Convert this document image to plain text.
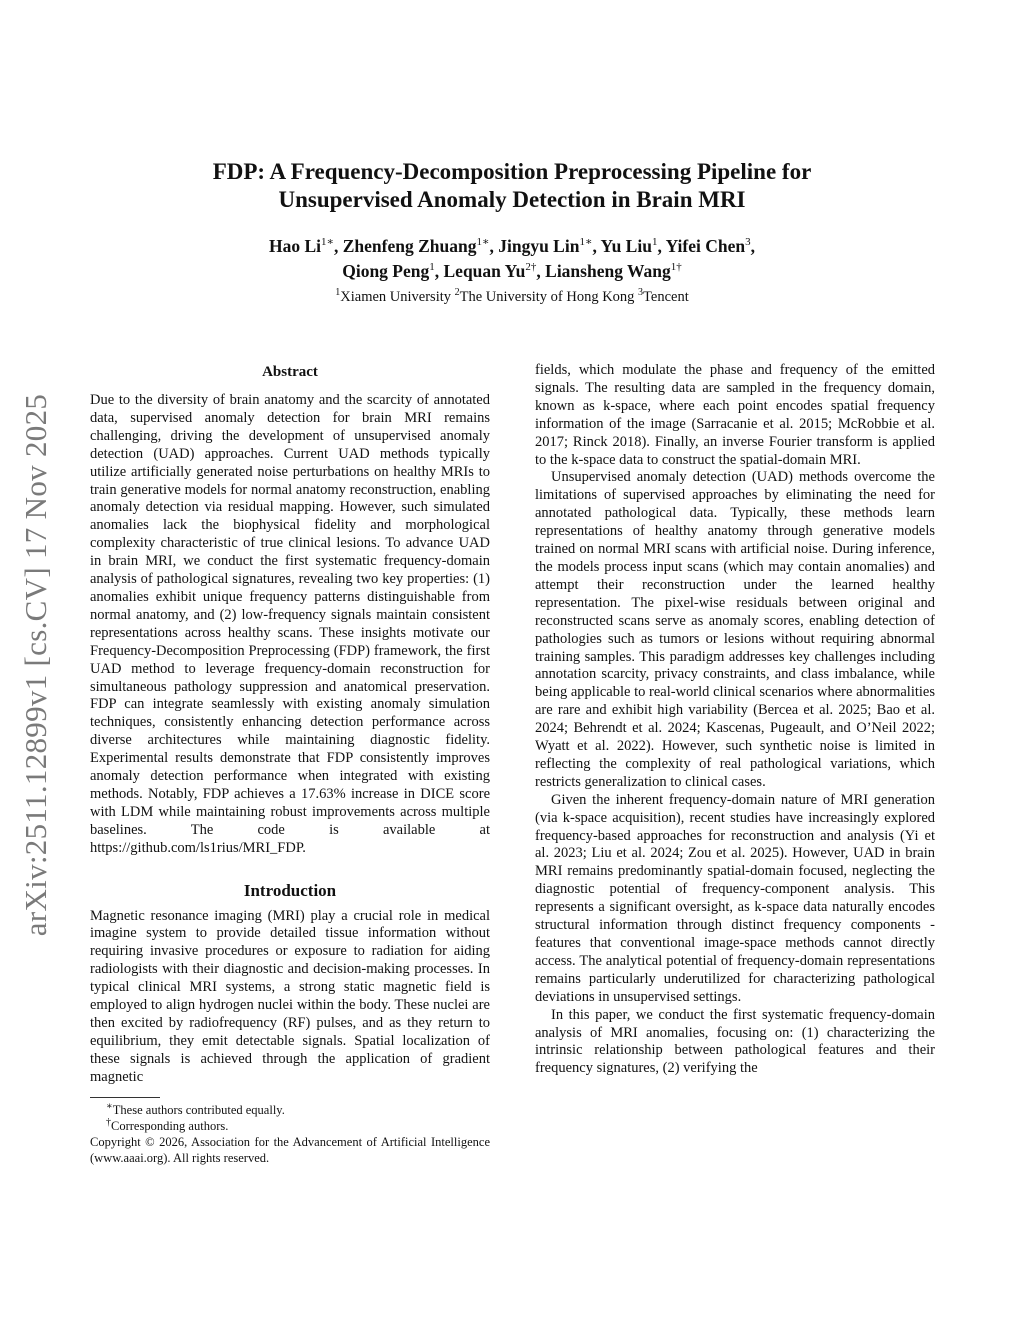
arXiv:2511.12899v1 [cs.CV] 17 Nov 2025
FDP: A Frequency-Decomposition Preprocessing Pipeline for
Unsupervised Anomaly Detection in Brain MRI
Hao $Li^{1∗}$, Zhenfeng Zhuang$^{1∗}$, Jingyu Lin$^{1∗}$, Yu Liu$^1$, Yifei Chen$^3$,
Qiong Peng$^1$, Lequan $Yu^{2\dagger}$, Liansheng Wang$^{1\dagger}$
$^1$Xiamen University $^2$The University of Hong Kong $^3$Tencent
Abstract

Due to the diversity of brain anatomy and the scarcity of annotated data, supervised anomaly detection for brain MRI remains challenging, driving the development of unsupervised anomaly detection (UAD) approaches. Current UAD methods typically utilize artificially generated noise perturbations on healthy MRIs to train generative models for normal anatomy reconstruction, enabling anomaly detection via residual mapping. However, such simulated anomalies lack the biophysical fidelity and morphological complexity characteristic of true clinical lesions. To advance UAD in brain MRI, we conduct the first systematic frequency-domain analysis of pathological signatures, revealing two key properties: (1) anomalies exhibit unique frequency patterns distinguishable from normal anatomy, and (2) low-frequency signals maintain consistent representations across healthy scans. These insights motivate our Frequency-Decomposition Preprocessing (FDP) framework, the first UAD method to leverage frequency-domain reconstruction for simultaneous pathology suppression and anatomical preservation. FDP can integrate seamlessly with existing anomaly simulation techniques, consistently enhancing detection performance across diverse architectures while maintaining diagnostic fidelity. Experimental results demonstrate that FDP consistently improves anomaly detection performance when integrated with existing methods. Notably, FDP achieves a 17.63% increase in DICE score with LDM while maintaining robust improvements across multiple baselines. The code is available at https://github.com/ls1rius/MRI_FDP.

Introduction

Magnetic resonance imaging (MRI) play a crucial role in medical imagine system to provide detailed tissue information without requiring invasive procedures or exposure to radiation for aiding radiologists with their diagnostic and decision-making processes. In typical clinical MRI systems, a strong static magnetic field is employed to align hydrogen nuclei within the body. These nuclei are then excited by radiofrequency (RF) pulses, and as they return to equilibrium, they emit detectable signals. Spatial localization of these signals is achieved through the application of gradient magnetic

∗These authors contributed equally.

†Corresponding authors.

Copyright © 2026, Association for the Advancement of Artificial Intelligence (www.aaai.org). All rights reserved.

fields, which modulate the phase and frequency of the emitted signals. The resulting data are sampled in the frequency domain, known as k-space, where each point encodes spatial frequency information of the image (Sarracanie et al. 2015; McRobbie et al. 2017; Rinck 2018). Finally, an inverse Fourier transform is applied to the k-space data to construct the spatial-domain MRI.

Unsupervised anomaly detection (UAD) methods overcome the limitations of supervised approaches by eliminating the need for annotated pathological data. Typically, these methods learn representations of healthy anatomy through generative models trained on normal MRI scans with artificial noise. During inference, the models process input scans (which may contain anomalies) and attempt their reconstruction under the learned healthy representation. The pixel-wise residuals between original and reconstructed scans serve as anomaly scores, enabling detection of pathologies such as tumors or lesions without requiring abnormal training samples. This paradigm addresses key challenges including annotation scarcity, privacy constraints, and class imbalance, while being applicable to real-world clinical scenarios where abnormalities are rare and exhibit high variability (Bercea et al. 2025; Bao et al. 2024; Behrendt et al. 2024; Kascenas, Pugeault, and O’Neil 2022; Wyatt et al. 2022). However, such synthetic noise is limited in reflecting the complexity of real pathological variations, which restricts generalization to clinical cases.

Given the inherent frequency-domain nature of MRI generation (via k-space acquisition), recent studies have increasingly explored frequency-based approaches for reconstruction and analysis (Yi et al. 2023; Liu et al. 2024; Zou et al. 2025). However, UAD in brain MRI remains predominantly spatial-domain focused, neglecting the diagnostic potential of frequency-component analysis. This represents a significant oversight, as k-space data naturally encodes structural information through distinct frequency components - features that conventional image-space methods cannot directly access. The analytical potential of frequency-domain representations remains particularly underutilized for characterizing pathological deviations in unsupervised settings.

In this paper, we conduct the first systematic frequency-domain analysis of MRI anomalies, focusing on: (1) characterizing the intrinsic relationship between pathological features and their frequency signatures, (2) verifying the
